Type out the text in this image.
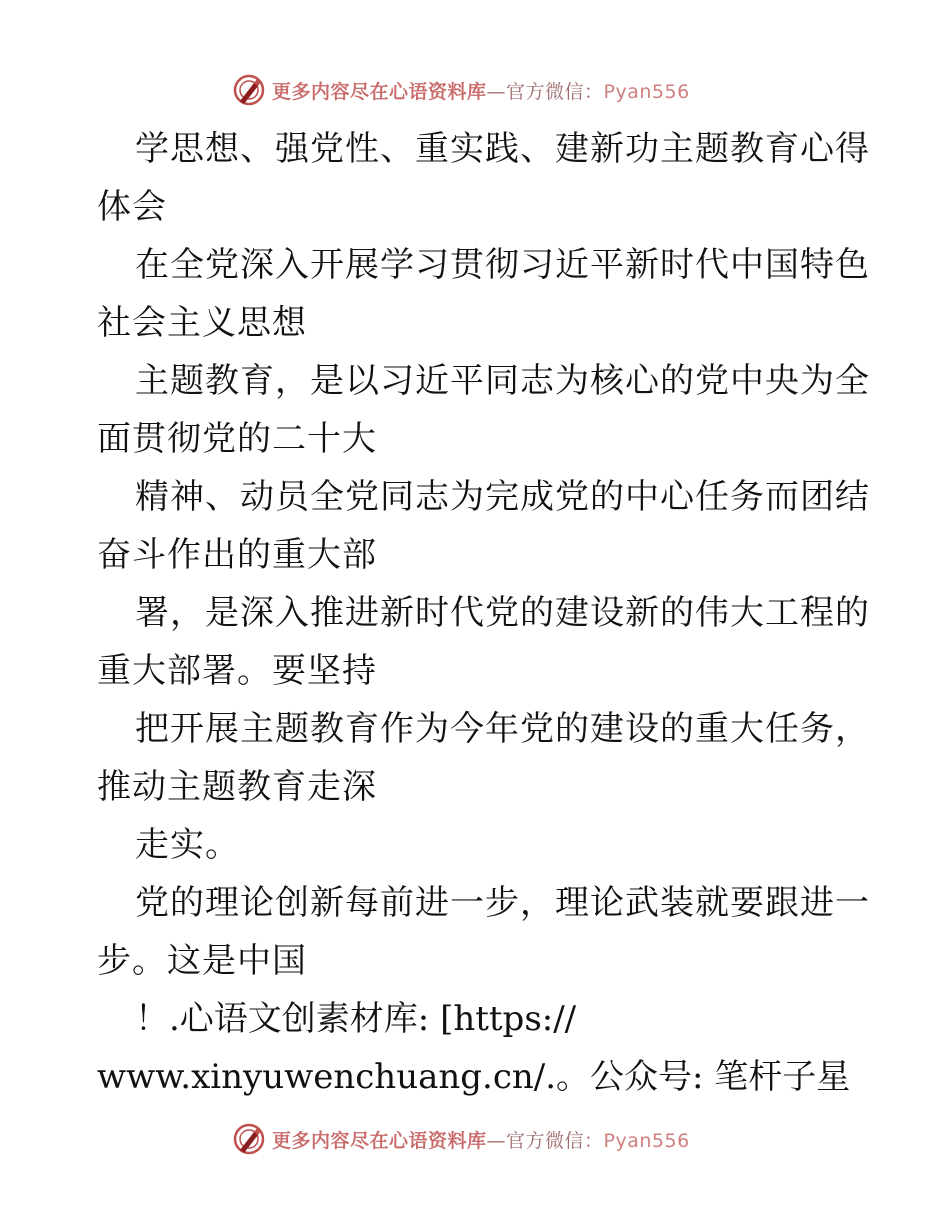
更多内容尽在心语资料库—官方微信：Pyan556
学思想、强党性、重实践、建新功主题教育心得
体会
在全党深入开展学习贯彻习近平新时代中国特色
社会主义思想
主题教育，是以习近平同志为核心的党中央为全
面贯彻党的二十大
精神、动员全党同志为完成党的中心任务而团结
奋斗作出的重大部
署，是深入推进新时代党的建设新的伟大工程的
重大部署。要坚持
把开展主题教育作为今年党的建设的重大任务，
推动主题教育走深
走实。
党的理论创新每前进一步，理论武装就要跟进一
步。这是中国
！.心语文创素材库: [https://
www.xinyuwenchuang.cn/.。公众号: 笔杆子星
更多内容尽在心语资料库—官方微信：Pyan556
